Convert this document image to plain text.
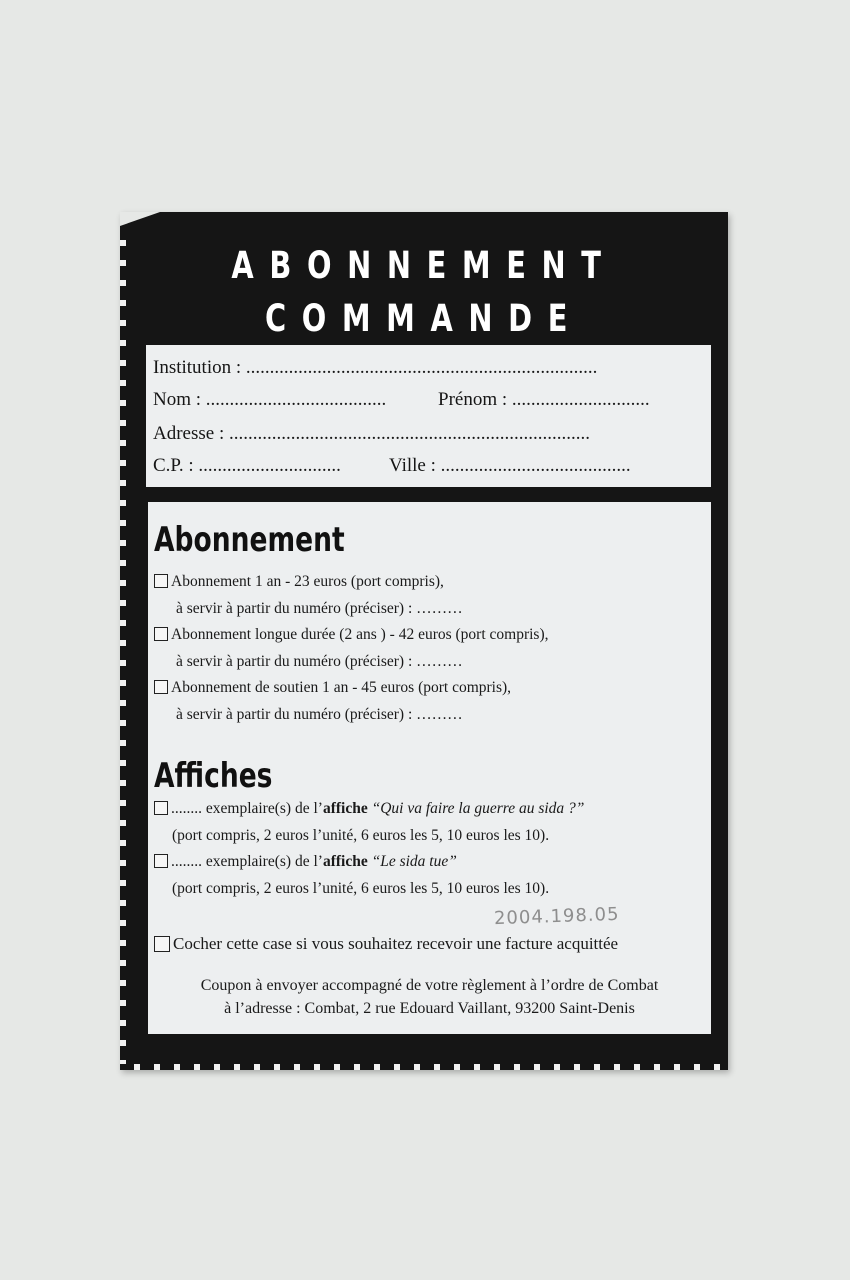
ABONNEMENT
COMMANDE
Institution : ..........................................................................
Nom : ......................................	Prénom : .............................
Adresse : ............................................................................
C.P. : ..............................	Ville : ........................................
Abonnement
Abonnement 1 an - 23 euros (port compris),
à servir à partir du numéro (préciser) : ………
Abonnement longue durée (2 ans ) - 42 euros (port compris),
à servir à partir du numéro (préciser) : ………
Abonnement de soutien 1 an - 45 euros (port compris),
à servir à partir du numéro (préciser) : ………
Affiches
........ exemplaire(s) de l’affiche “Qui va faire la guerre au sida ?”
(port compris, 2 euros l’unité, 6 euros les 5, 10 euros les 10).
........ exemplaire(s) de l’affiche “Le sida tue”
(port compris, 2 euros l’unité, 6 euros les 5, 10 euros les 10).
2004.198.05
Cocher cette case si vous souhaitez recevoir une facture acquittée
Coupon à envoyer accompagné de votre règlement à l’ordre de Combat
à l’adresse : Combat, 2 rue Edouard Vaillant, 93200 Saint-Denis
